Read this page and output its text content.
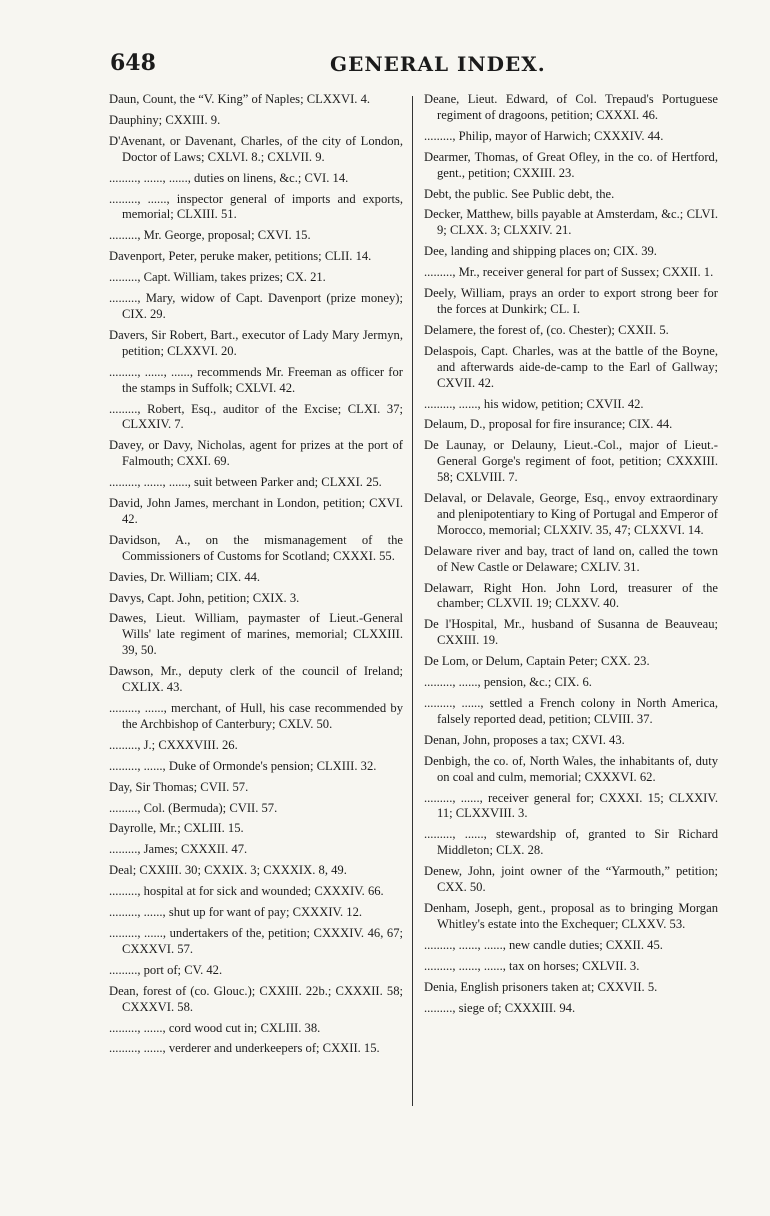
648	GENERAL INDEX.
Daun, Count, the “V. King” of Naples; CLXXVI. 4.
Dauphiny; CXXIII. 9.
D'Avenant, or Davenant, Charles, of the city of London, Doctor of Laws; CXLVI. 8.; CXLVII. 9.
........., ......, ......, duties on linens, &c.; CVI. 14.
........., ......, inspector general of imports and exports, memorial; CLXIII. 51.
........., Mr. George, proposal; CXVI. 15.
Davenport, Peter, peruke maker, petitions; CLII. 14.
........., Capt. William, takes prizes; CX. 21.
........., Mary, widow of Capt. Davenport (prize money); CIX. 29.
Davers, Sir Robert, Bart., executor of Lady Mary Jermyn, petition; CLXXVI. 20.
........., ......, ......, recommends Mr. Freeman as officer for the stamps in Suffolk; CXLVI. 42.
........., Robert, Esq., auditor of the Excise; CLXI. 37; CLXXIV. 7.
Davey, or Davy, Nicholas, agent for prizes at the port of Falmouth; CXXI. 69.
........., ......, ......, suit between Parker and; CLXXI. 25.
David, John James, merchant in London, petition; CXVI. 42.
Davidson, A., on the mismanagement of the Commissioners of Customs for Scotland; CXXXI. 55.
Davies, Dr. William; CIX. 44.
Davys, Capt. John, petition; CXIX. 3.
Dawes, Lieut. William, paymaster of Lieut.-General Wills' late regiment of marines, memorial; CLXXIII. 39, 50.
Dawson, Mr., deputy clerk of the council of Ireland; CXLIX. 43.
........., ......, merchant, of Hull, his case recommended by the Archbishop of Canterbury; CXLV. 50.
........., J.; CXXXVIII. 26.
........., ......, Duke of Ormonde's pension; CLXIII. 32.
Day, Sir Thomas; CVII. 57.
........., Col. (Bermuda); CVII. 57.
Dayrolle, Mr.; CXLIII. 15.
........., James; CXXXII. 47.
Deal; CXXIII. 30; CXXIX. 3; CXXXIX. 8, 49.
........., hospital at for sick and wounded; CXXXIV. 66.
........., ......, shut up for want of pay; CXXXIV. 12.
........., ......, undertakers of the, petition; CXXXIV. 46, 67; CXXXVI. 57.
........., port of; CV. 42.
Dean, forest of (co. Glouc.); CXXIII. 22b.; CXXXII. 58; CXXXVI. 58.
........., ......, cord wood cut in; CXLIII. 38.
........., ......, verderer and underkeepers of; CXXII. 15.
Deane, Lieut. Edward, of Col. Trepaud's Portuguese regiment of dragoons, petition; CXXXI. 46.
........., Philip, mayor of Harwich; CXXXIV. 44.
Dearmer, Thomas, of Great Ofley, in the co. of Hertford, gent., petition; CXXIII. 23.
Debt, the public. See Public debt, the.
Decker, Matthew, bills payable at Amsterdam, &c.; CLVI. 9; CLXX. 3; CLXXIV. 21.
Dee, landing and shipping places on; CIX. 39.
........., Mr., receiver general for part of Sussex; CXXII. 1.
Deely, William, prays an order to export strong beer for the forces at Dunkirk; CL. I.
Delamere, the forest of, (co. Chester); CXXII. 5.
Delaspois, Capt. Charles, was at the battle of the Boyne, and afterwards aide-de-camp to the Earl of Gallway; CXVII. 42.
........., ......, his widow, petition; CXVII. 42.
Delaum, D., proposal for fire insurance; CIX. 44.
De Launay, or Delauny, Lieut.-Col., major of Lieut.-General Gorge's regiment of foot, petition; CXXXIII. 58; CXLVIII. 7.
Delaval, or Delavale, George, Esq., envoy extraordinary and plenipotentiary to King of Portugal and Emperor of Morocco, memorial; CLXXIV. 35, 47; CLXXVI. 14.
Delaware river and bay, tract of land on, called the town of New Castle or Delaware; CXLIV. 31.
Delawarr, Right Hon. John Lord, treasurer of the chamber; CLXVII. 19; CLXXV. 40.
De l'Hospital, Mr., husband of Susanna de Beauveau; CXXIII. 19.
De Lom, or Delum, Captain Peter; CXX. 23.
........., ......, pension, &c.; CIX. 6.
........., ......, settled a French colony in North America, falsely reported dead, petition; CLVIII. 37.
Denan, John, proposes a tax; CXVI. 43.
Denbigh, the co. of, North Wales, the inhabitants of, duty on coal and culm, memorial; CXXXVI. 62.
........., ......, receiver general for; CXXXI. 15; CLXXIV. 11; CLXXVIII. 3.
........., ......, stewardship of, granted to Sir Richard Middleton; CLX. 28.
Denew, John, joint owner of the “Yarmouth,” petition; CXX. 50.
Denham, Joseph, gent., proposal as to bringing Morgan Whitley's estate into the Exchequer; CLXXV. 53.
........., ......, ......, new candle duties; CXXII. 45.
........., ......, ......, tax on horses; CXLVII. 3.
Denia, English prisoners taken at; CXXVII. 5.
........., siege of; CXXXIII. 94.
